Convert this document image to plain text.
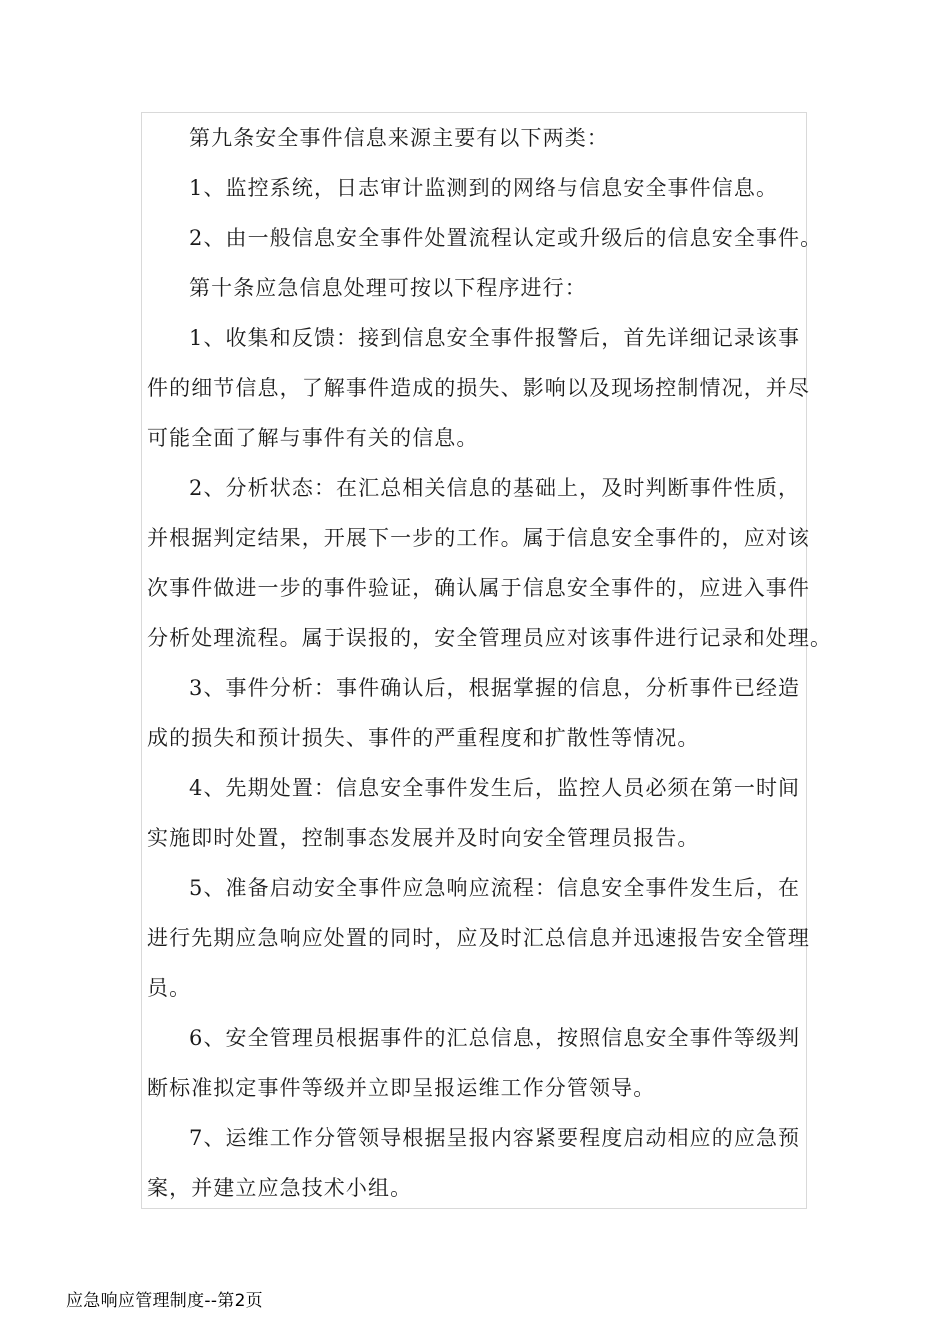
第九条安全事件信息来源主要有以下两类：
1、监控系统，日志审计监测到的网络与信息安全事件信息。
2、由一般信息安全事件处置流程认定或升级后的信息安全事件。
第十条应急信息处理可按以下程序进行：
1、收集和反馈：接到信息安全事件报警后，首先详细记录该事
件的细节信息，了解事件造成的损失、影响以及现场控制情况，并尽
可能全面了解与事件有关的信息。
2、分析状态：在汇总相关信息的基础上，及时判断事件性质，
并根据判定结果，开展下一步的工作。属于信息安全事件的，应对该
次事件做进一步的事件验证，确认属于信息安全事件的，应进入事件
分析处理流程。属于误报的，安全管理员应对该事件进行记录和处理。
3、事件分析：事件确认后，根据掌握的信息，分析事件已经造
成的损失和预计损失、事件的严重程度和扩散性等情况。
4、先期处置：信息安全事件发生后，监控人员必须在第一时间
实施即时处置，控制事态发展并及时向安全管理员报告。
5、准备启动安全事件应急响应流程：信息安全事件发生后，在
进行先期应急响应处置的同时，应及时汇总信息并迅速报告安全管理
员。
6、安全管理员根据事件的汇总信息，按照信息安全事件等级判
断标准拟定事件等级并立即呈报运维工作分管领导。
7、运维工作分管领导根据呈报内容紧要程度启动相应的应急预
案，并建立应急技术小组。
应急响应管理制度--第2页
